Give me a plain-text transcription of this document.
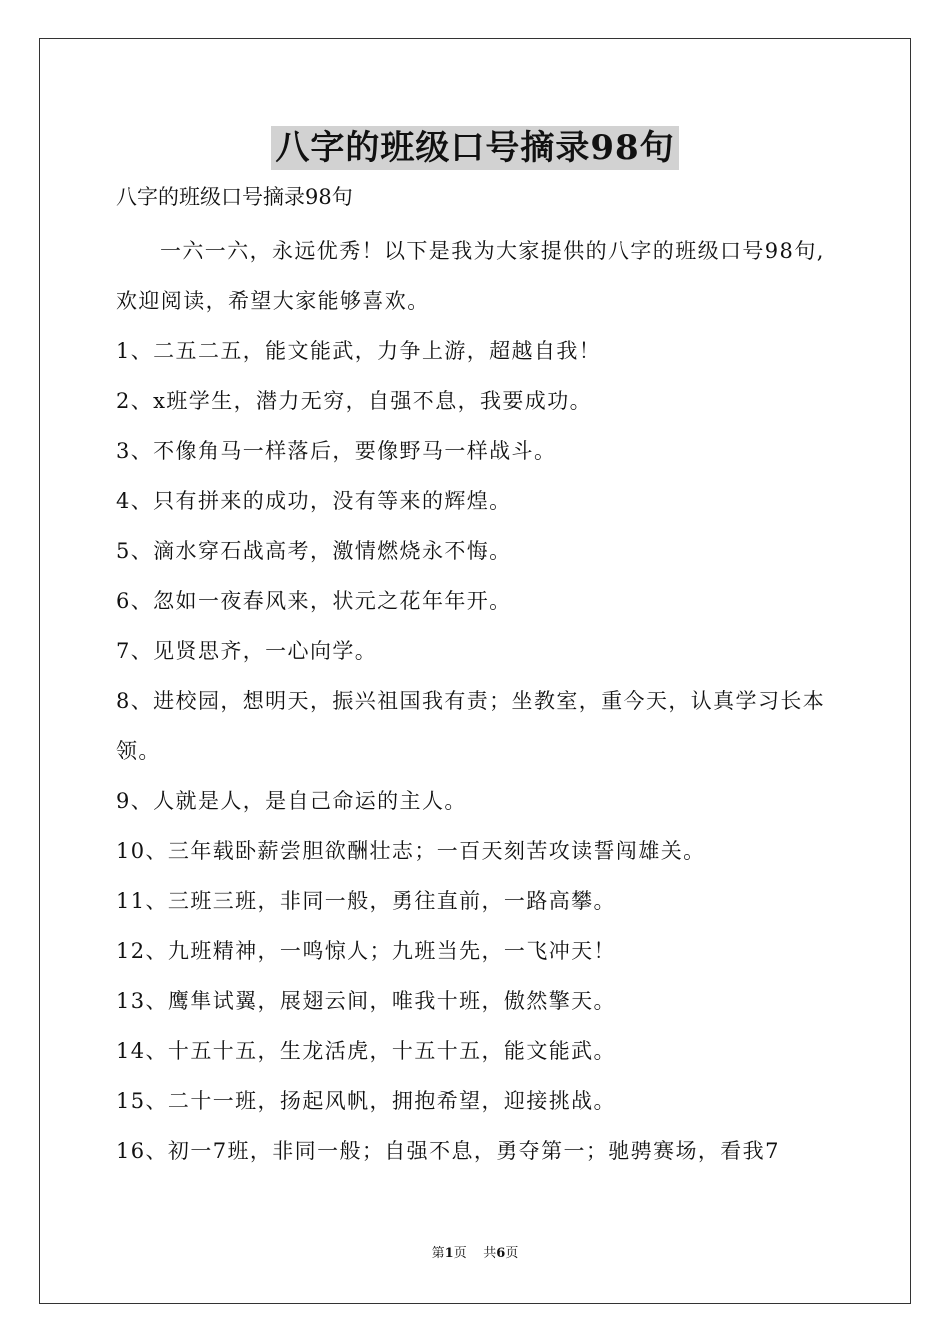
八字的班级口号摘录98句
八字的班级口号摘录98句

一六一六，永远优秀！以下是我为大家提供的八字的班级口号98句,欢迎阅读，希望大家能够喜欢。

1、二五二五，能文能武，力争上游，超越自我！

2、x班学生，潜力无穷，自强不息，我要成功。

3、不像角马一样落后，要像野马一样战斗。

4、只有拼来的成功，没有等来的辉煌。

5、滴水穿石战高考，激情燃烧永不悔。

6、忽如一夜春风来，状元之花年年开。

7、见贤思齐，一心向学。

8、进校园，想明天，振兴祖国我有责；坐教室，重今天，认真学习长本领。

9、人就是人，是自己命运的主人。

10、三年载卧薪尝胆欲酬壮志；一百天刻苦攻读誓闯雄关。

11、三班三班，非同一般，勇往直前，一路高攀。

12、九班精神，一鸣惊人；九班当先，一飞冲天！

13、鹰隼试翼，展翅云间，唯我十班，傲然擎天。

14、十五十五，生龙活虎，十五十五，能文能武。

15、二十一班，扬起风帆，拥抱希望，迎接挑战。

16、初一7班，非同一般；自强不息，勇夺第一；驰骋赛场，看我7

第1页 共6页
